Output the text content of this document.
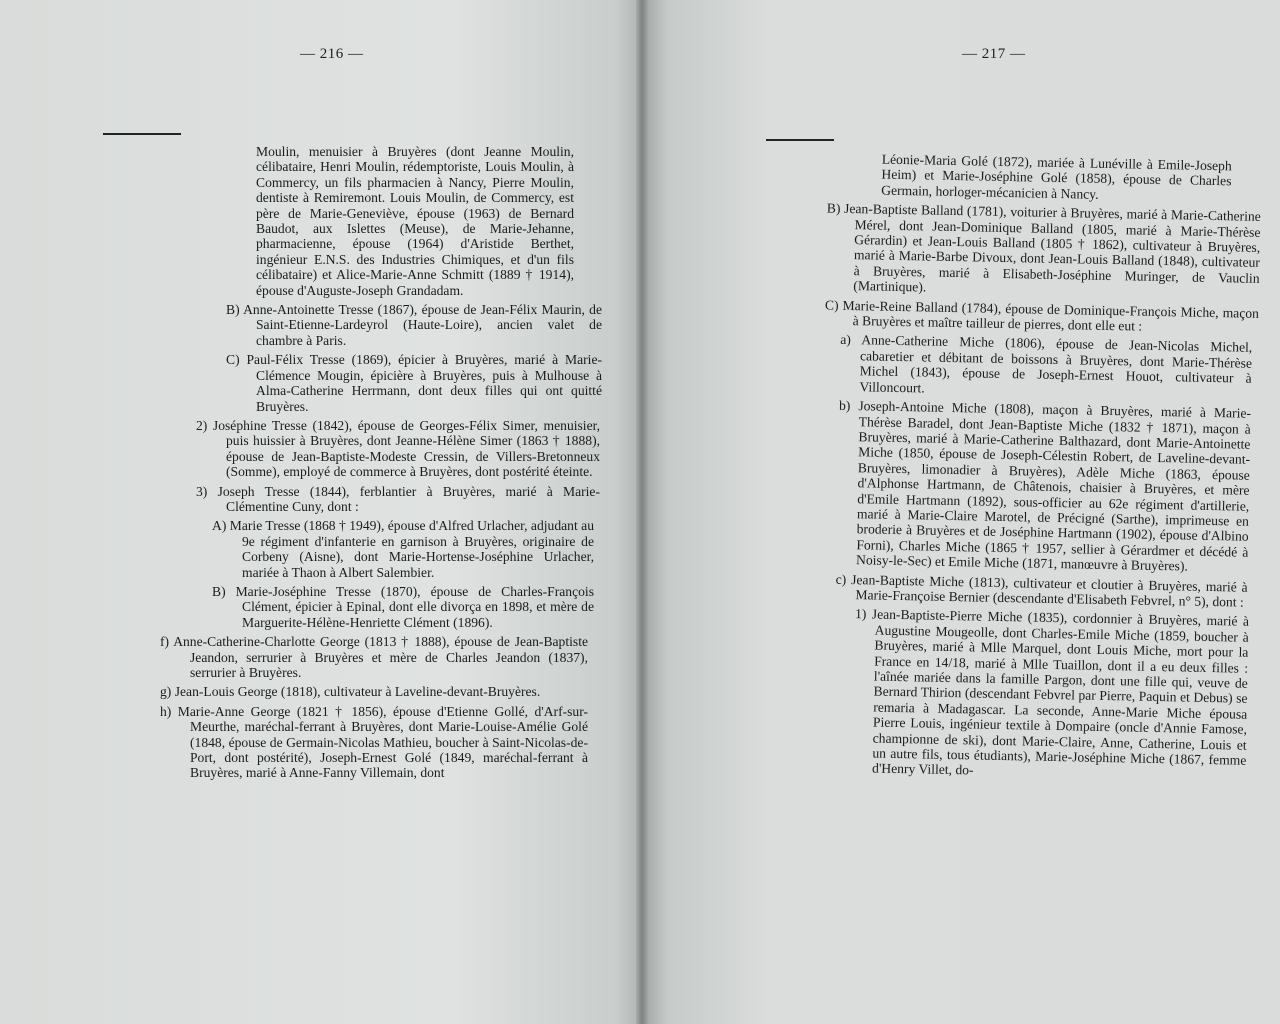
— 216 —

Moulin, menuisier à Bruyères (dont Jeanne Moulin, célibataire, Henri Moulin, rédemptoriste, Louis Moulin, à Commercy, un fils pharmacien à Nancy, Pierre Moulin, dentiste à Remiremont. Louis Moulin, de Commercy, est père de Marie-Geneviève, épouse (1963) de Bernard Baudot, aux Islettes (Meuse), de Marie-Jehanne, pharmacienne, épouse (1964) d'Aristide Berthet, ingénieur E.N.S. des Industries Chimiques, et d'un fils célibataire) et Alice-Marie-Anne Schmitt (1889 † 1914), épouse d'Auguste-Joseph Grandadam.

B) Anne-Antoinette Tresse (1867), épouse de Jean-Félix Maurin, de Saint-Etienne-Lardeyrol (Haute-Loire), ancien valet de chambre à Paris.

C) Paul-Félix Tresse (1869), épicier à Bruyères, marié à Marie-Clémence Mougin, épicière à Bruyères, puis à Mulhouse à Alma-Catherine Herrmann, dont deux filles qui ont quitté Bruyères.

2) Joséphine Tresse (1842), épouse de Georges-Félix Simer, menuisier, puis huissier à Bruyères, dont Jeanne-Hélène Simer (1863 † 1888), épouse de Jean-Baptiste-Modeste Cressin, de Villers-Bretonneux (Somme), employé de commerce à Bruyères, dont postérité éteinte.

3) Joseph Tresse (1844), ferblantier à Bruyères, marié à Marie-Clémentine Cuny, dont :

A) Marie Tresse (1868 † 1949), épouse d'Alfred Urlacher, adjudant au 9e régiment d'infanterie en garnison à Bruyères, originaire de Corbeny (Aisne), dont Marie-Hortense-Joséphine Urlacher, mariée à Thaon à Albert Salembier.

B) Marie-Joséphine Tresse (1870), épouse de Charles-François Clément, épicier à Epinal, dont elle divorça en 1898, et mère de Marguerite-Hélène-Henriette Clément (1896).

f) Anne-Catherine-Charlotte George (1813 † 1888), épouse de Jean-Baptiste Jeandon, serrurier à Bruyères et mère de Charles Jeandon (1837), serrurier à Bruyères.

g) Jean-Louis George (1818), cultivateur à Laveline-devant-Bruyères.

h) Marie-Anne George (1821 † 1856), épouse d'Etienne Gollé, d'Arf-sur-Meurthe, maréchal-ferrant à Bruyères, dont Marie-Louise-Amélie Golé (1848, épouse de Germain-Nicolas Mathieu, boucher à Saint-Nicolas-de-Port, dont postérité), Joseph-Ernest Golé (1849, maréchal-ferrant à Bruyères, marié à Anne-Fanny Villemain, dont

— 217 —

Léonie-Maria Golé (1872), mariée à Lunéville à Emile-Joseph Heim) et Marie-Joséphine Golé (1858), épouse de Charles Germain, horloger-mécanicien à Nancy.

B) Jean-Baptiste Balland (1781), voiturier à Bruyères, marié à Marie-Catherine Mérel, dont Jean-Dominique Balland (1805, marié à Marie-Thérèse Gérardin) et Jean-Louis Balland (1805 † 1862), cultivateur à Bruyères, marié à Marie-Barbe Divoux, dont Jean-Louis Balland (1848), cultivateur à Bruyères, marié à Elisabeth-Joséphine Muringer, de Vauclin (Martinique).

C) Marie-Reine Balland (1784), épouse de Dominique-François Miche, maçon à Bruyères et maître tailleur de pierres, dont elle eut :

a) Anne-Catherine Miche (1806), épouse de Jean-Nicolas Michel, cabaretier et débitant de boissons à Bruyères, dont Marie-Thérèse Michel (1843), épouse de Joseph-Ernest Houot, cultivateur à Villoncourt.

b) Joseph-Antoine Miche (1808), maçon à Bruyères, marié à Marie-Thérèse Baradel, dont Jean-Baptiste Miche (1832 † 1871), maçon à Bruyères, marié à Marie-Catherine Balthazard, dont Marie-Antoinette Miche (1850, épouse de Joseph-Célestin Robert, de Laveline-devant-Bruyères, limonadier à Bruyères), Adèle Miche (1863, épouse d'Alphonse Hartmann, de Châtenois, chaisier à Bruyères, et mère d'Emile Hartmann (1892), sous-officier au 62e régiment d'artillerie, marié à Marie-Claire Marotel, de Précigné (Sarthe), imprimeuse en broderie à Bruyères et de Joséphine Hartmann (1902), épouse d'Albino Forni), Charles Miche (1865 † 1957, sellier à Gérardmer et décédé à Noisy-le-Sec) et Emile Miche (1871, manœuvre à Bruyères).

c) Jean-Baptiste Miche (1813), cultivateur et cloutier à Bruyères, marié à Marie-Françoise Bernier (descendante d'Elisabeth Febvrel, n° 5), dont :

1) Jean-Baptiste-Pierre Miche (1835), cordonnier à Bruyères, marié à Augustine Mougeolle, dont Charles-Emile Miche (1859, boucher à Bruyères, marié à Mlle Marquel, dont Louis Miche, mort pour la France en 14/18, marié à Mlle Tuaillon, dont il a eu deux filles : l'aînée mariée dans la famille Pargon, dont une fille qui, veuve de Bernard Thirion (descendant Febvrel par Pierre, Paquin et Debus) se remaria à Madagascar. La seconde, Anne-Marie Miche épousa Pierre Louis, ingénieur textile à Dompaire (oncle d'Annie Famose, championne de ski), dont Marie-Claire, Anne, Catherine, Louis et un autre fils, tous étudiants), Marie-Joséphine Miche (1867, femme d'Henry Villet, do-
